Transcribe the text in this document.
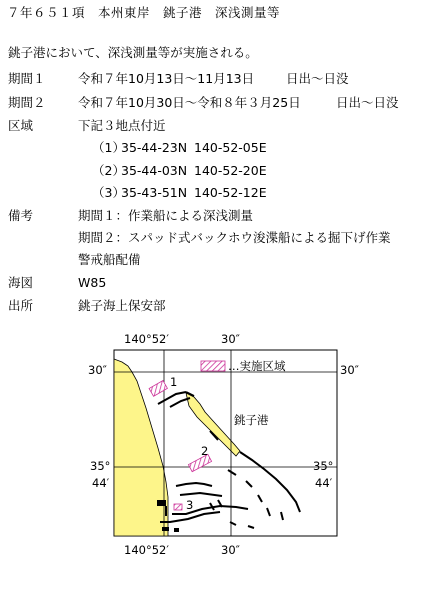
７年６５１項　本州東岸　銚子港　深浅測量等
銚子港において、深浅測量等が実施される。
期間１	令和７年10月13日～11月13日	日出～日没
期間２	令和７年10月30日～令和８年３月25日	日出～日没
区域	下記３地点付近
（1）
35-44-23N 140-52-05E
（2）
35-44-03N 140-52-20E
（3）
35-43-51N 140-52-12E
備考	期間１：作業船による深浅測量
期間２：スパッド式バックホウ浚渫船による掘下げ作業
警戒船配備
海図	W85
出所	銚子海上保安部
140°52′	30″
140°52′	30″
30″	30″
35°
44′
35°
44′
…実施区域
銚子港
1
2
3
